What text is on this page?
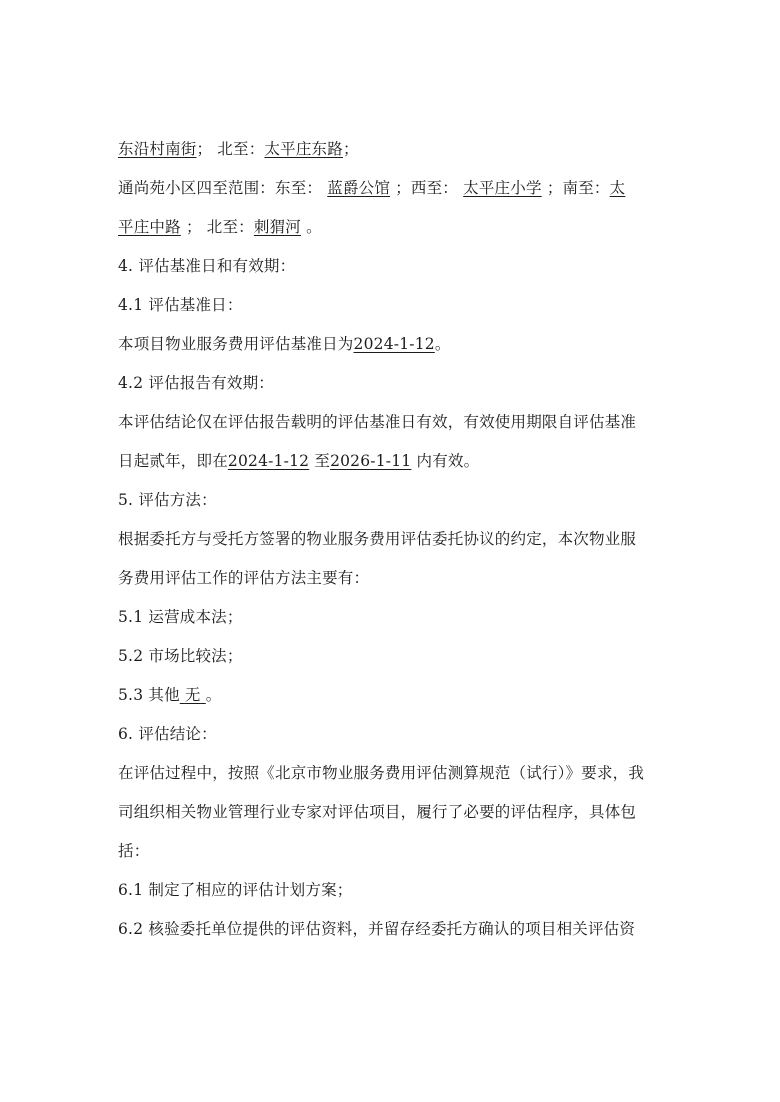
东沿村南街； 北至：太平庄东路；
通尚苑小区四至范围：东至： 蓝爵公馆 ；西至： 太平庄小学 ；南至：太
平庄中路 ； 北至：刺猬河 。
4. 评估基准日和有效期：
4.1 评估基准日：
本项目物业服务费用评估基准日为2024-1-12。
4.2 评估报告有效期：
本评估结论仅在评估报告载明的评估基准日有效，有效使用期限自评估基准
日起贰年，即在2024-1-12 至2026-1-11 内有效。
5. 评估方法：
根据委托方与受托方签署的物业服务费用评估委托协议的约定，本次物业服
务费用评估工作的评估方法主要有：
5.1 运营成本法；
5.2 市场比较法；
5.3 其他 无 。
6. 评估结论：
在评估过程中，按照《北京市物业服务费用评估测算规范（试行）》要求，我
司组织相关物业管理行业专家对评估项目，履行了必要的评估程序，具体包
括：
6.1 制定了相应的评估计划方案；
6.2 核验委托单位提供的评估资料，并留存经委托方确认的项目相关评估资
